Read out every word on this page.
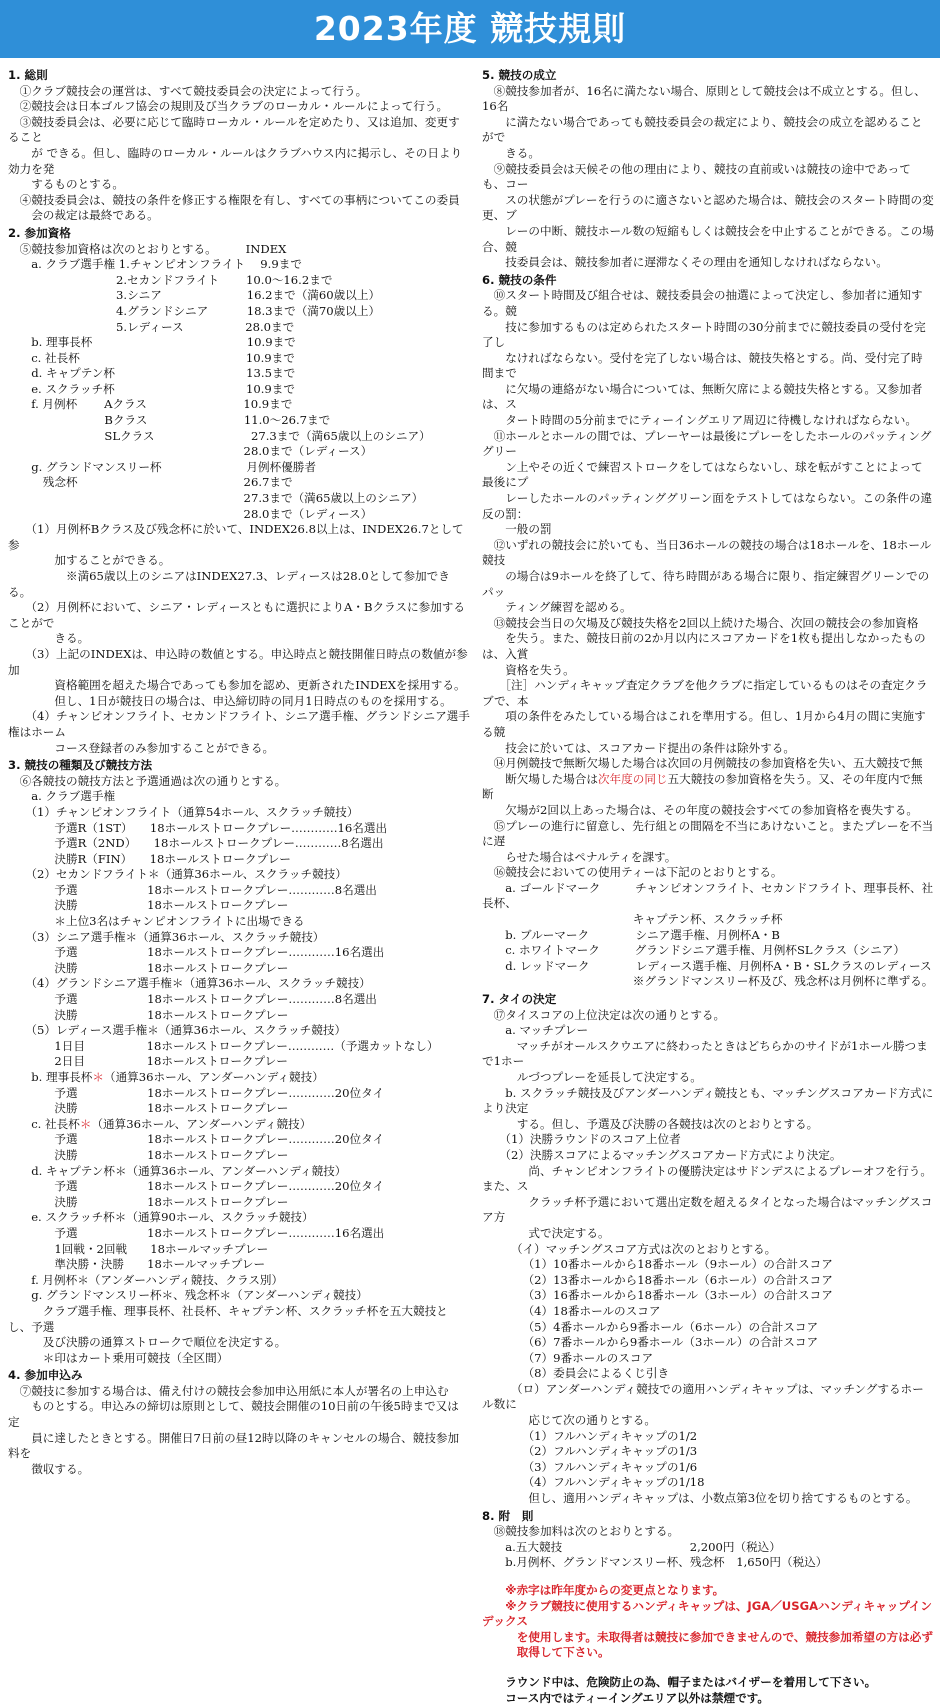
2023年度 競技規則
1. 総則
　①クラブ競技会の運営は、すべて競技委員会の決定によって行う。
　②競技会は日本ゴルフ協会の規則及び当クラブのローカル・ルールによって行う。
　③競技委員会は、必要に応じて臨時ローカル・ルールを定めたり、又は追加、変更すること
　　が できる。但し、臨時のローカル・ルールはクラブハウス内に掲示し、その日より効力を発
　　するものとする。
　④競技委員会は、競技の条件を修正する権限を有し、すべての事柄についてこの委員
　　会の裁定は最終である。
2. 参加資格
　⑤競技参加資格は次のとおりとする。　　　INDEX
　　a. クラブ選手権 1.チャンピオンフライト　 9.9まで
　　　　　　　　　 2.セカンドフライト　　 10.0～16.2まで
　　　　　　　　　 3.シニア　　　　　　　 16.2まで（満60歳以上）
　　　　　　　　　 4.グランドシニア　　　 18.3まで（満70歳以上）
　　　　　　　　　 5.レディース　　　　　 28.0まで
　　b. 理事長杯　　　　　　　　　　　　　 10.9まで
　　c. 社長杯　　　　　　　　　　　　　　 10.9まで
　　d. キャプテン杯　　　　　　　　　　　 13.5まで
　　e. スクラッチ杯　　　　　　　　　　　 10.9まで
　　f. 月例杯　　 Aクラス　　　　　　　　 10.9まで
　　　　　　　　 Bクラス　　　　　　　　 11.0～26.7まで
　　　　　　　　 SLクラス　　　　　　　　 27.3まで（満65歳以上のシニア）
　　　　　　　　　　　　　　　　　　　　 28.0まで（レディース）
　　g. グランドマンスリー杯　　　　　　　 月例杯優勝者
　　　残念杯　　　　　　　　　　　　　　 26.7まで
　　　　　　　　　　　　　　　　　　　　 27.3まで（満65歳以上のシニア）
　　　　　　　　　　　　　　　　　　　　 28.0まで（レディース）
　　（1）月例杯Bクラス及び残念杯に於いて、INDEX26.8以上は、INDEX26.7として参
　　　　加することができる。
　　　　　※満65歳以上のシニアはINDEX27.3、レディースは28.0として参加できる。
　　（2）月例杯において、シニア・レディースともに選択によりA・Bクラスに参加することがで
　　　　きる。
　　（3）上記のINDEXは、申込時の数値とする。申込時点と競技開催日時点の数値が参加
　　　　資格範囲を超えた場合であっても参加を認め、更新されたINDEXを採用する。
　　　　但し、1日が競技日の場合は、申込締切時の同月1日時点のものを採用する。
　　（4）チャンピオンフライト、セカンドフライト、シニア選手権、グランドシニア選手権はホーム
　　　　コース登録者のみ参加することができる。
3. 競技の種類及び競技方法
　⑥各競技の競技方法と予選通過は次の通りとする。
　　a. クラブ選手権
　　（1）チャンピオンフライト（通算54ホール、スクラッチ競技）
　　　　予選R（1ST）　　18ホールストロークプレー…………16名選出
　　　　予選R（2ND）　　18ホールストロークプレー…………8名選出
　　　　決勝R（FIN）　　18ホールストロークプレー
　　（2）セカンドフライト＊（通算36ホール、スクラッチ競技）
　　　　予選　　　　　　18ホールストロークプレー…………8名選出
　　　　決勝　　　　　　18ホールストロークプレー
　　　　＊上位3名はチャンピオンフライトに出場できる
　　（3）シニア選手権＊（通算36ホール、スクラッチ競技）
　　　　予選　　　　　　18ホールストロークプレー…………16名選出
　　　　決勝　　　　　　18ホールストロークプレー
　　（4）グランドシニア選手権＊（通算36ホール、スクラッチ競技）
　　　　予選　　　　　　18ホールストロークプレー…………8名選出
　　　　決勝　　　　　　18ホールストロークプレー
　　（5）レディース選手権＊（通算36ホール、スクラッチ競技）
　　　　1日目　　　　　 18ホールストロークプレー…………（予選カットなし）
　　　　2日目　　　　　 18ホールストロークプレー
　　b. 理事長杯＊（通算36ホール、アンダーハンディ競技）
　　　　予選　　　　　　18ホールストロークプレー…………20位タイ
　　　　決勝　　　　　　18ホールストロークプレー
　　c. 社長杯＊（通算36ホール、アンダーハンディ競技）
　　　　予選　　　　　　18ホールストロークプレー…………20位タイ
　　　　決勝　　　　　　18ホールストロークプレー
　　d. キャプテン杯＊（通算36ホール、アンダーハンディ競技）
　　　　予選　　　　　　18ホールストロークプレー…………20位タイ
　　　　決勝　　　　　　18ホールストロークプレー
　　e. スクラッチ杯＊（通算90ホール、スクラッチ競技）
　　　　予選　　　　　　18ホールストロークプレー…………16名選出
　　　　1回戦・2回戦　　18ホールマッチプレー
　　　　準決勝・決勝　　18ホールマッチプレー
　　f. 月例杯＊（アンダーハンディ競技、クラス別）
　　g. グランドマンスリー杯＊、残念杯＊（アンダーハンディ競技）
　　　クラブ選手権、理事長杯、社長杯、キャプテン杯、スクラッチ杯を五大競技とし、予選
　　　及び決勝の通算ストロークで順位を決定する。
　　　＊印はカート乗用可競技（全区間）
4. 参加申込み
　⑦競技に参加する場合は、備え付けの競技会参加申込用紙に本人が署名の上申込む
　　ものとする。申込みの締切は原則として、競技会開催の10日前の午後5時まで又は定
　　員に達したときとする。開催日7日前の昼12時以降のキャンセルの場合、競技参加料を
　　徴収する。
5. 競技の成立
　⑧競技参加者が、16名に満たない場合、原則として競技会は不成立とする。但し、16名
　　に満たない場合であっても競技委員会の裁定により、競技会の成立を認めることがで
　　きる。
　⑨競技委員会は天候その他の理由により、競技の直前或いは競技の途中であっても、コー
　　スの状態がプレーを行うのに適さないと認めた場合は、競技会のスタート時間の変更、ブ
　　レーの中断、競技ホール数の短縮もしくは競技会を中止することができる。この場合、競
　　技委員会は、競技参加者に遅滞なくその理由を通知しなければならない。
6. 競技の条件
　⑩スタート時間及び組合せは、競技委員会の抽選によって決定し、参加者に通知する。競
　　技に参加するものは定められたスタート時間の30分前までに競技委員の受付を完了し
　　なければならない。受付を完了しない場合は、競技失格とする。尚、受付完了時間まで
　　に欠場の連絡がない場合については、無断欠席による競技失格とする。又参加者は、ス
　　タート時間の5分前までにティーイングエリア周辺に待機しなければならない。
　⑪ホールとホールの間では、プレーヤーは最後にプレーをしたホールのパッティンググリー
　　ン上やその近くで練習ストロークをしてはならないし、球を転がすことによって最後にプ
　　レーしたホールのパッティンググリーン面をテストしてはならない。この条件の違反の罰：
　　一般の罰
　⑫いずれの競技会に於いても、当日36ホールの競技の場合は18ホールを、18ホール競技
　　の場合は9ホールを終了して、待ち時間がある場合に限り、指定練習グリーンでのパッ
　　ティング練習を認める。
　⑬競技会当日の欠場及び競技失格を2回以上続けた場合、次回の競技会の参加資格
　　を失う。また、競技日前の2か月以内にスコアカードを1枚も提出しなかったものは、入賞
　　資格を失う。
　　［注］ハンディキャップ査定クラブを他クラブに指定しているものはその査定クラブで、本
　　項の条件をみたしている場合はこれを準用する。但し、1月から4月の間に実施する競
　　技会に於いては、スコアカード提出の条件は除外する。
　⑭月例競技で無断欠場した場合は次回の月例競技の参加資格を失い、五大競技で無
　　断欠場した場合は次年度の同じ五大競技の参加資格を失う。又、その年度内で無断
　　欠場が2回以上あった場合は、その年度の競技会すべての参加資格を喪失する。
　⑮プレーの進行に留意し、先行組との間隔を不当にあけないこと。またプレーを不当に遅
　　らせた場合はペナルティを課す。
　⑯競技会においての使用ティーは下記のとおりとする。
　　a. ゴールドマーク　　　チャンピオンフライト、セカンドフライト、理事長杯、社長杯、
　　　　　　　　　　　　　キャプテン杯、スクラッチ杯
　　b. ブルーマーク　　　　シニア選手権、月例杯A・B
　　c. ホワイトマーク　　　グランドシニア選手権、月例杯SLクラス（シニア）
　　d. レッドマーク　　　　レディース選手権、月例杯A・B・SLクラスのレディース
　　　　　　　　　　　　　※グランドマンスリー杯及び、残念杯は月例杯に準ずる。
7. タイの決定
　⑰タイスコアの上位決定は次の通りとする。
　　a. マッチプレー
　　　マッチがオールスクウエアに終わったときはどちらかのサイドが1ホール勝つまで1ホー
　　　ルづつプレーを延長して決定する。
　　b. スクラッチ競技及びアンダーハンディ競技とも、マッチングスコアカード方式により決定
　　　する。但し、予選及び決勝の各競技は次のとおりとする。
　　（1）決勝ラウンドのスコア上位者
　　（2）決勝スコアによるマッチングスコアカード方式により決定。
　　　　尚、チャンピオンフライトの優勝決定はサドンデスによるプレーオフを行う。また、ス
　　　　クラッチ杯予選において選出定数を超えるタイとなった場合はマッチングスコア方
　　　　式で決定する。
　　　（イ）マッチングスコア方式は次のとおりとする。
　　　　（1）10番ホールから18番ホール（9ホール）の合計スコア
　　　　（2）13番ホールから18番ホール（6ホール）の合計スコア
　　　　（3）16番ホールから18番ホール（3ホール）の合計スコア
　　　　（4）18番ホールのスコア
　　　　（5）4番ホールから9番ホール（6ホール）の合計スコア
　　　　（6）7番ホールから9番ホール（3ホール）の合計スコア
　　　　（7）9番ホールのスコア
　　　　（8）委員会によるくじ引き
　　　（ロ）アンダーハンディ競技での適用ハンディキャップは、マッチングするホール数に
　　　　応じて次の通りとする。
　　　　（1）フルハンディキャップの1/2
　　　　（2）フルハンディキャップの1/3
　　　　（3）フルハンディキャップの1/6
　　　　（4）フルハンディキャップの1/18
　　　　但し、適用ハンディキャップは、小数点第3位を切り捨てするものとする。
8. 附　則
　⑱競技参加料は次のとおりとする。
　　a.五大競技　　　　　　　　　　　2,200円（税込）
　　b.月例杯、グランドマンスリー杯、残念杯　1,650円（税込）
　　※赤字は昨年度からの変更点となります。
　　※クラブ競技に使用するハンディキャップは、JGA／USGAハンディキャップインデックス
　　　を使用します。未取得者は競技に参加できませんので、競技参加希望の方は必ず
　　　取得して下さい。
　　ラウンド中は、危険防止の為、帽子またはバイザーを着用して下さい。
　　コース内ではティーイングエリア以外は禁煙です。
